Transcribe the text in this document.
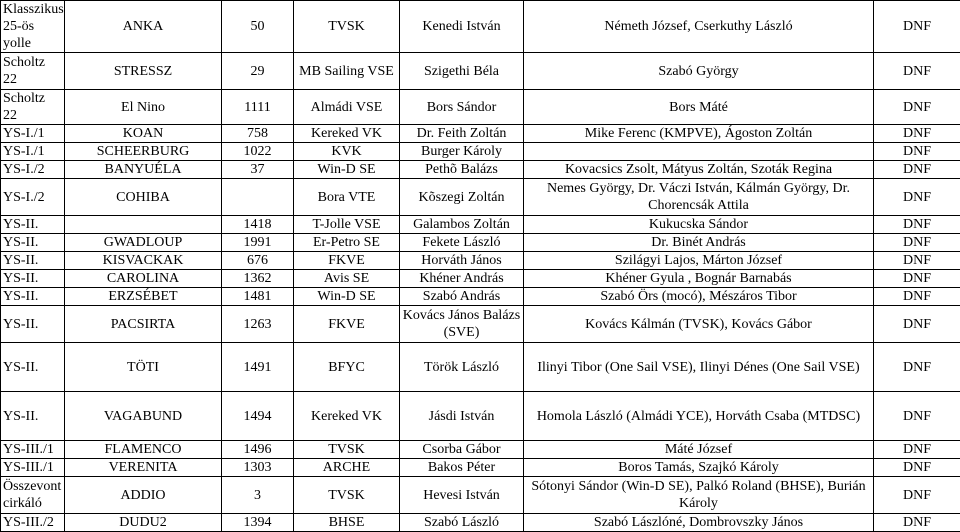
Klasszikus 25-ös yolle	ANKA	50	TVSK	Kenedi István	Németh József, Cserkuthy László	DNF
Scholtz 22	STRESSZ	29	MB Sailing VSE	Szigethi Béla	Szabó György	DNF
Scholtz 22	El Nino	1111	Almádi VSE	Bors Sándor	Bors Máté	DNF
YS-I./1	KOAN	758	Kereked VK	Dr. Feith Zoltán	Mike Ferenc (KMPVE), Ágoston Zoltán	DNF
YS-I./1	SCHEERBURG	1022	KVK	Burger Károly		DNF
YS-I./2	BANYUÉLA	37	Win-D SE	Pethõ Balázs	Kovacsics Zsolt, Mátyus Zoltán, Szoták Regina	DNF
YS-I./2	COHIBA		Bora VTE	Kõszegi Zoltán	Nemes György, Dr. Váczi István, Kálmán György, Dr. Chorencsák Attila	DNF
YS-II.		1418	T-Jolle VSE	Galambos Zoltán	Kukucska Sándor	DNF
YS-II.	GWADLOUP	1991	Er-Petro SE	Fekete László	Dr. Binét András	DNF
YS-II.	KISVACKAK	676	FKVE	Horváth János	Szilágyi Lajos, Márton József	DNF
YS-II.	CAROLINA	1362	Avis SE	Khéner András	Khéner Gyula , Bognár Barnabás	DNF
YS-II.	ERZSÉBET	1481	Win-D SE	Szabó András	Szabó Örs (mocó), Mészáros Tibor	DNF
YS-II.	PACSIRTA	1263	FKVE	Kovács János Balázs (SVE)	Kovács Kálmán (TVSK), Kovács Gábor	DNF
YS-II.	TÖTI	1491	BFYC	Török László	Ilinyi Tibor (One Sail VSE), Ilinyi Dénes (One Sail VSE)	DNF
YS-II.	VAGABUND	1494	Kereked VK	Jásdi István	Homola László (Almádi YCE), Horváth Csaba (MTDSC)	DNF
YS-III./1	FLAMENCO	1496	TVSK	Csorba Gábor	Máté József	DNF
YS-III./1	VERENITA	1303	ARCHE	Bakos Péter	Boros Tamás, Szajkó Károly	DNF
Összevont cirkáló	ADDIO	3	TVSK	Hevesi István	Sótonyi Sándor (Win-D SE), Palkó Roland (BHSE), Burián Károly	DNF
YS-III./2	DUDU2	1394	BHSE	Szabó László	Szabó Lászlóné, Dombrovszky János	DNF
